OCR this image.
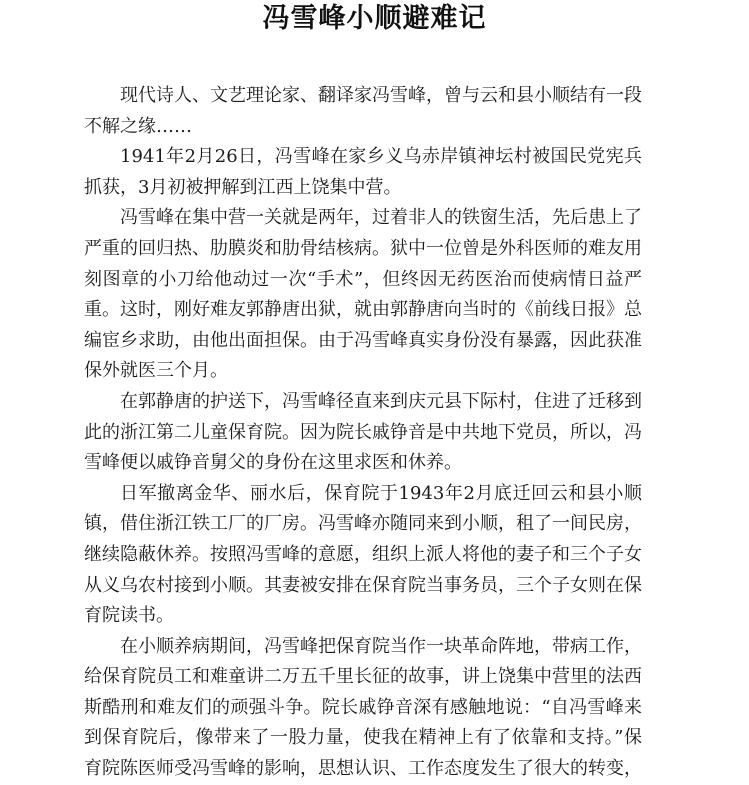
冯雪峰小顺避难记

现代诗人、文艺理论家、翻译家冯雪峰，曾与云和县小顺结有一段不解之缘……

1941年2月26日，冯雪峰在家乡义乌赤岸镇神坛村被国民党宪兵抓获，3月初被押解到江西上饶集中营。

冯雪峰在集中营一关就是两年，过着非人的铁窗生活，先后患上了严重的回归热、肋膜炎和肋骨结核病。狱中一位曾是外科医师的难友用刻图章的小刀给他动过一次“手术”，但终因无药医治而使病情日益严重。这时，刚好难友郭静唐出狱，就由郭静唐向当时的《前线日报》总编宦乡求助，由他出面担保。由于冯雪峰真实身份没有暴露，因此获准保外就医三个月。

在郭静唐的护送下，冯雪峰径直来到庆元县下际村，住进了迁移到此的浙江第二儿童保育院。因为院长戚铮音是中共地下党员，所以，冯雪峰便以戚铮音舅父的身份在这里求医和休养。

日军撤离金华、丽水后，保育院于1943年2月底迁回云和县小顺镇，借住浙江铁工厂的厂房。冯雪峰亦随同来到小顺，租了一间民房，继续隐蔽休养。按照冯雪峰的意愿，组织上派人将他的妻子和三个子女从义乌农村接到小顺。其妻被安排在保育院当事务员，三个子女则在保育院读书。

在小顺养病期间，冯雪峰把保育院当作一块革命阵地，带病工作，给保育院员工和难童讲二万五千里长征的故事，讲上饶集中营里的法西斯酷刑和难友们的顽强斗争。院长戚铮音深有感触地说：“自冯雪峰来到保育院后，像带来了一股力量，使我在精神上有了依靠和支持。”保育院陈医师受冯雪峰的影响，思想认识、工作态度发生了很大的转变，
